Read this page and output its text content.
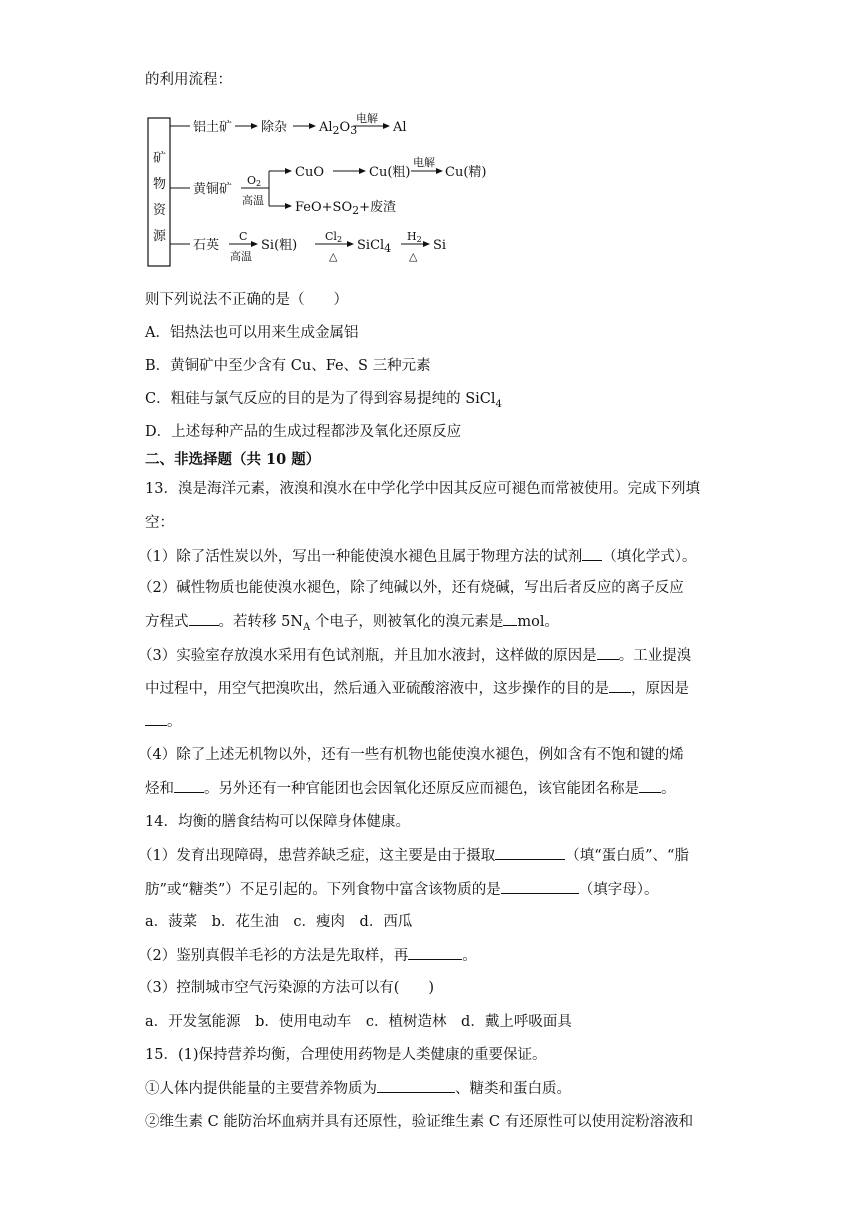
的利用流程：
矿
物
资
源
铝土矿 除杂 $Al_2O_3$
电解
Al
黄铜矿
O2
高温
CuO	Cu(粗)
电解
Cu(精)
$FeO+SO_2+$废渣
石英
C
高温
Si(粗)
Cl2
△
SiCl$_4$
H2
△
Si
则下列说法不正确的是（　　）
A．铝热法也可以用来生成金属铝
B．黄铜矿中至少含有 Cu、Fe、S 三种元素
C．粗硅与氯气反应的目的是为了得到容易提纯的 SiCl$_4$
D．上述每种产品的生成过程都涉及氧化还原反应
二、非选择题（共 10 题）
13．溴是海洋元素，液溴和溴水在中学化学中因其反应可褪色而常被使用。完成下列填
空：
（1）除了活性炭以外，写出一种能使溴水褪色且属于物理方法的试剂 （填化学式）。
（2）碱性物质也能使溴水褪色，除了纯碱以外，还有烧碱，写出后者反应的离子反应
方程式 。若转移 $5N_A$ 个电子，则被氧化的溴元素是 mol。
（3）实验室存放溴水采用有色试剂瓶，并且加水液封，这样做的原因是 。工业提溴
中过程中，用空气把溴吹出，然后通入亚硫酸溶液中，这步操作的目的是 ，原因是
。
（4）除了上述无机物以外，还有一些有机物也能使溴水褪色，例如含有不饱和键的烯
烃和 。另外还有一种官能团也会因氧化还原反应而褪色，该官能团名称是 。
14．均衡的膳食结构可以保障身体健康。
（1）发育出现障碍，患营养缺乏症，这主要是由于摄取	（填“蛋白质”、“脂
肪”或“糖类”）不足引起的。下列食物中富含该物质的是	（填字母）。
a．菠菜　b．花生油　c．瘦肉　d．西瓜
（2）鉴别真假羊毛衫的方法是先取样，再	。
（3）控制城市空气污染源的方法可以有(　　)
a．开发氢能源　b．使用电动车　c．植树造林　d．戴上呼吸面具
15．(1)保持营养均衡，合理使用药物是人类健康的重要保证。
①人体内提供能量的主要营养物质为	、糖类和蛋白质。
②维生素 C 能防治坏血病并具有还原性，验证维生素 C 有还原性可以使用淀粉溶液和
